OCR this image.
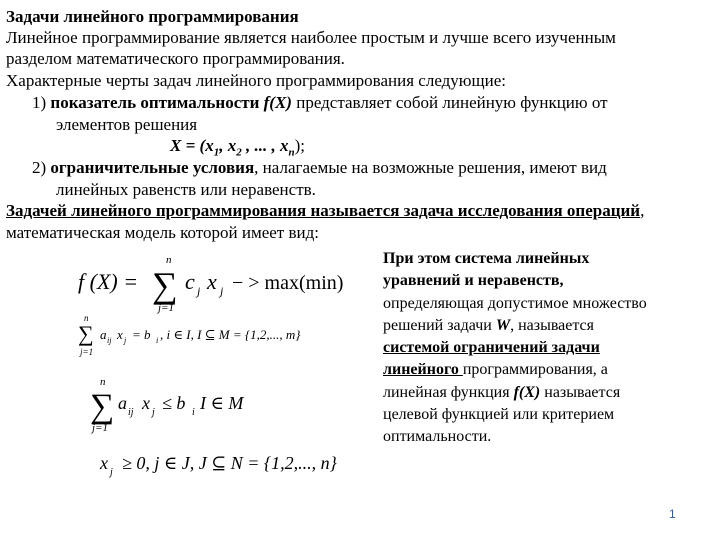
Задачи линейного программирования
Линейное программирование является наиболее простым и лучше всего изученным
разделом математического программирования.
Характерные черты задач линейного программирования следующие:
1) показатель оптимальности f(X) представляет собой линейную функцию от
элементов решения
$X = (x_1$, $x_2$ , ... , $x_n$);
2) ограничительные условия, налагаемые на возможные решения, имеют вид
линейных равенств или неравенств.
Задачей линейного программирования называется задача исследования операций,
математическая модель которой имеет вид:
f (X) =
n
∑
j=1
c j x j − > max(min)
n
∑
j=1
a ij x j = b i , i ∈ I, I ⊆ M = {1,2,..., m}
n
∑
j=1
a ij x j ≤ b i I ∈ M
x j ≥ 0, j ∈ J, J ⊆ N = {1,2,..., n}
При этом система линейных
уравнений и неравенств,
определяющая допустимое множество
решений задачи W, называется
системой ограничений задачи
линейного программирования, а
линейная функция f(X) называется
целевой функцией или критерием
оптимальности.
1
